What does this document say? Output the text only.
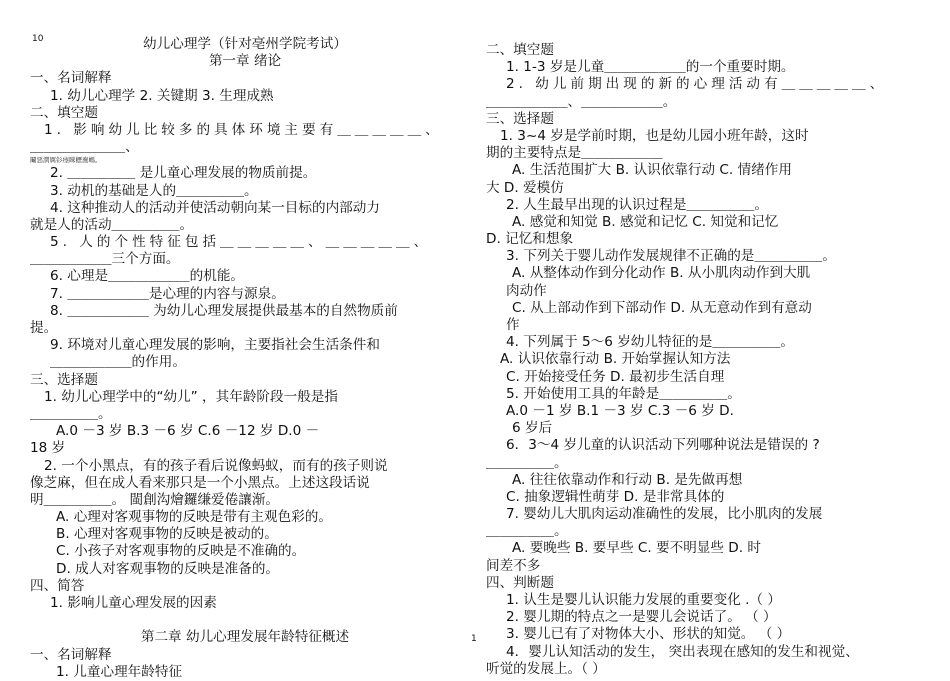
10
1
幼儿心理学（针对亳州学院考试）
第一章 绪论
一、名词解释
1. 幼儿心理学 2. 关键期 3. 生理成熟
二、填空题
1. 影响幼儿比较多的具体环境主要有＿＿＿＿＿、
＿＿＿＿＿＿＿、
鬮惡潤厲钐瘞睞櫪廡螞。
2. ＿＿＿＿＿ 是儿童心理发展的物质前提。
3. 动机的基础是人的＿＿＿＿＿。
4. 这种推动人的活动并使活动朝向某一目标的内部动力
就是人的活动＿＿＿＿＿。
5. 人的个性特征包括＿＿＿＿＿、＿＿＿＿＿、
＿＿＿＿＿＿三个方面。
6. 心理是＿＿＿＿＿＿的机能。
7. ＿＿＿＿＿＿是心理的内容与源泉。
8. ＿＿＿＿＿＿ 为幼儿心理发展提供最基本的自然物质前
提。
9. 环境对儿童心理发展的影响，主要指社会生活条件和
＿＿＿＿＿＿的作用。
三、选择题
1. 幼儿心理学中的“幼儿” ，其年龄阶段一般是指
＿＿＿＿＿。
A.0 －3 岁 B.3 －6 岁 C.6 －12 岁 D.0 －
18 岁
2. 一个小黑点，有的孩子看后说像蚂蚁，而有的孩子则说
像芝麻，但在成人看来那只是一个小黑点。上述这段话说
明＿＿＿＿＿。 閩創沟燴鑼缣爱倦讓渐。
A. 心理对客观事物的反映是带有主观色彩的。
B. 心理对客观事物的反映是被动的。
C. 小孩子对客观事物的反映是不准确的。
D. 成人对客观事物的反映是准备的。
四、简答
1. 影响儿童心理发展的因素
第二章 幼儿心理发展年龄特征概述
一、名词解释
1. 儿童心理年龄特征
二、填空题
1. 1-3 岁是儿童＿＿＿＿＿＿的一个重要时期。
2. 幼儿前期出现的新的心理活动有＿＿＿＿＿、
＿＿＿＿＿＿、＿＿＿＿＿＿。
三、选择题
1. 3~4 岁是学前时期，也是幼儿园小班年龄，这时
期的主要特点是＿＿＿＿＿＿
A. 生活范围扩大 B. 认识依靠行动 C. 情绪作用
大 D. 爱模仿
2. 人生最早出现的认识过程是＿＿＿＿＿。
A. 感觉和知觉 B. 感觉和记忆 C. 知觉和记忆
D. 记忆和想象
3. 下列关于婴儿动作发展规律不正确的是＿＿＿＿＿。
A. 从整体动作到分化动作 B. 从小肌肉动作到大肌
肉动作
C. 从上部动作到下部动作 D. 从无意动作到有意动
作
4. 下列属于 5～6 岁幼儿特征的是＿＿＿＿＿。
A. 认识依靠行动 B. 开始掌握认知方法
C. 开始接受任务 D. 最初步生活自理
5. 开始使用工具的年龄是＿＿＿＿＿。
A.0 －1 岁 B.1 －3 岁 C.3 －6 岁 D.
6 岁后
6．3～4 岁儿童的认识活动下列哪种说法是错误的 ?
＿＿＿＿＿。
A. 往往依靠动作和行动 B. 是先做再想
C. 抽象逻辑性萌芽 D. 是非常具体的
7. 婴幼儿大肌肉运动准确性的发展，比小肌肉的发展
＿＿＿＿＿。
A. 要晚些 B. 要早些 C. 要不明显些 D. 时
间差不多
四、判断题
1. 认生是婴儿认识能力发展的重要变化 .（ ）
2. 婴儿期的特点之一是婴儿会说话了。 （ ）
3. 婴儿已有了对物体大小、形状的知觉。 （ ）
4．婴儿认知活动的发生， 突出表现在感知的发生和视觉、
听觉的发展上。（ ）
